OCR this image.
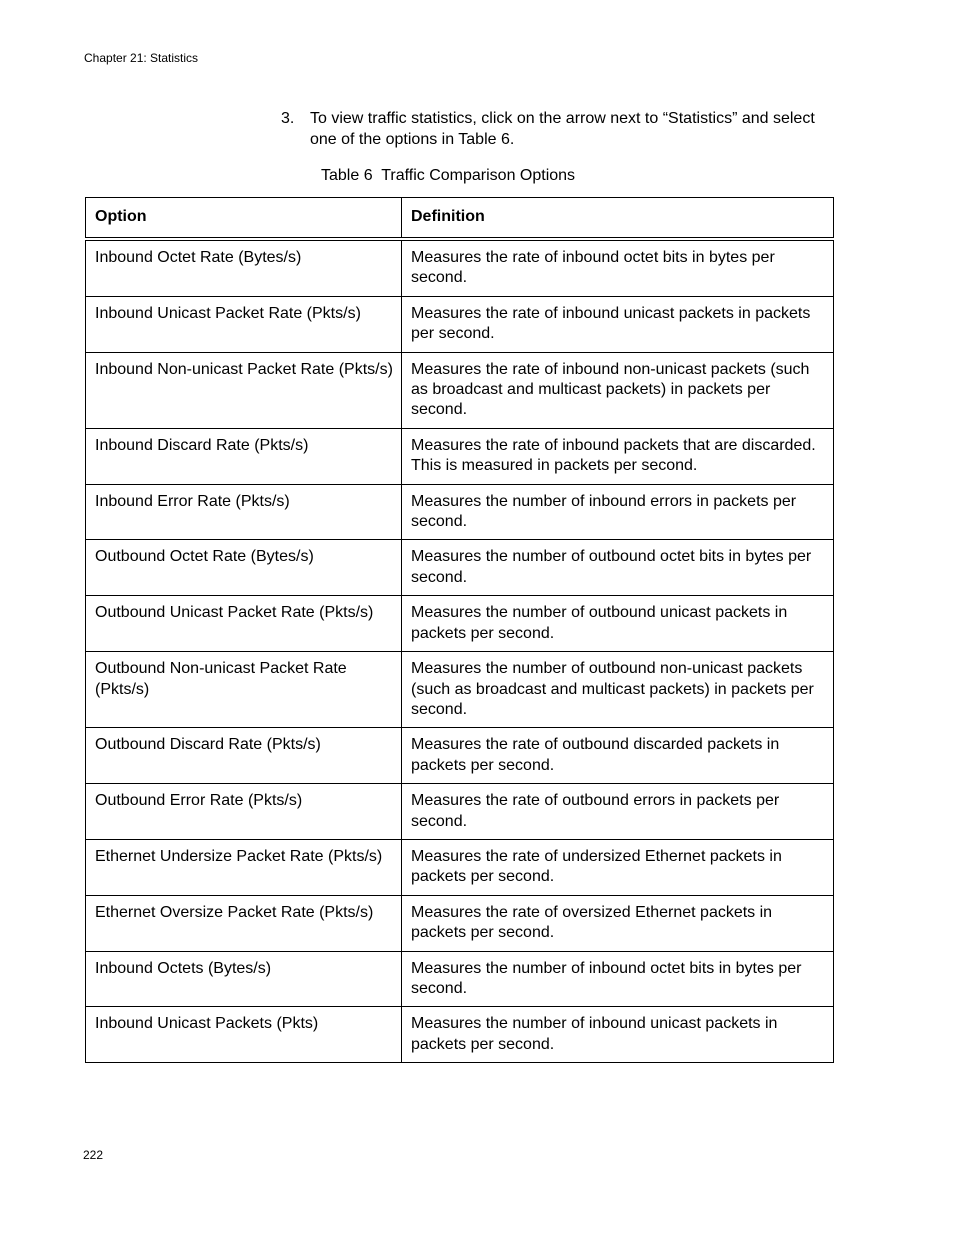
Chapter 21: Statistics
3. To view traffic statistics, click on the arrow next to “Statistics” and select one of the options in Table 6.
Table 6  Traffic Comparison Options
Option	Definition
Inbound Octet Rate (Bytes/s)	Measures the rate of inbound octet bits in bytes per second.
Inbound Unicast Packet Rate (Pkts/s)	Measures the rate of inbound unicast packets in packets per second.
Inbound Non-unicast Packet Rate (Pkts/s)	Measures the rate of inbound non-unicast packets (such as broadcast and multicast packets) in packets per second.
Inbound Discard Rate (Pkts/s)	Measures the rate of inbound packets that are discarded. This is measured in packets per second.
Inbound Error Rate (Pkts/s)	Measures the number of inbound errors in packets per second.
Outbound Octet Rate (Bytes/s)	Measures the number of outbound octet bits in bytes per second.
Outbound Unicast Packet Rate (Pkts/s)	Measures the number of outbound unicast packets in packets per second.
Outbound Non-unicast Packet Rate (Pkts/s)	Measures the number of outbound non-unicast packets (such as broadcast and multicast packets) in packets per second.
Outbound Discard Rate (Pkts/s)	Measures the rate of outbound discarded packets in packets per second.
Outbound Error Rate (Pkts/s)	Measures the rate of outbound errors in packets per second.
Ethernet Undersize Packet Rate (Pkts/s)	Measures the rate of undersized Ethernet packets in packets per second.
Ethernet Oversize Packet Rate (Pkts/s)	Measures the rate of oversized Ethernet packets in packets per second.
Inbound Octets (Bytes/s)	Measures the number of inbound octet bits in bytes per second.
Inbound Unicast Packets (Pkts)	Measures the number of inbound unicast packets in packets per second.
222
